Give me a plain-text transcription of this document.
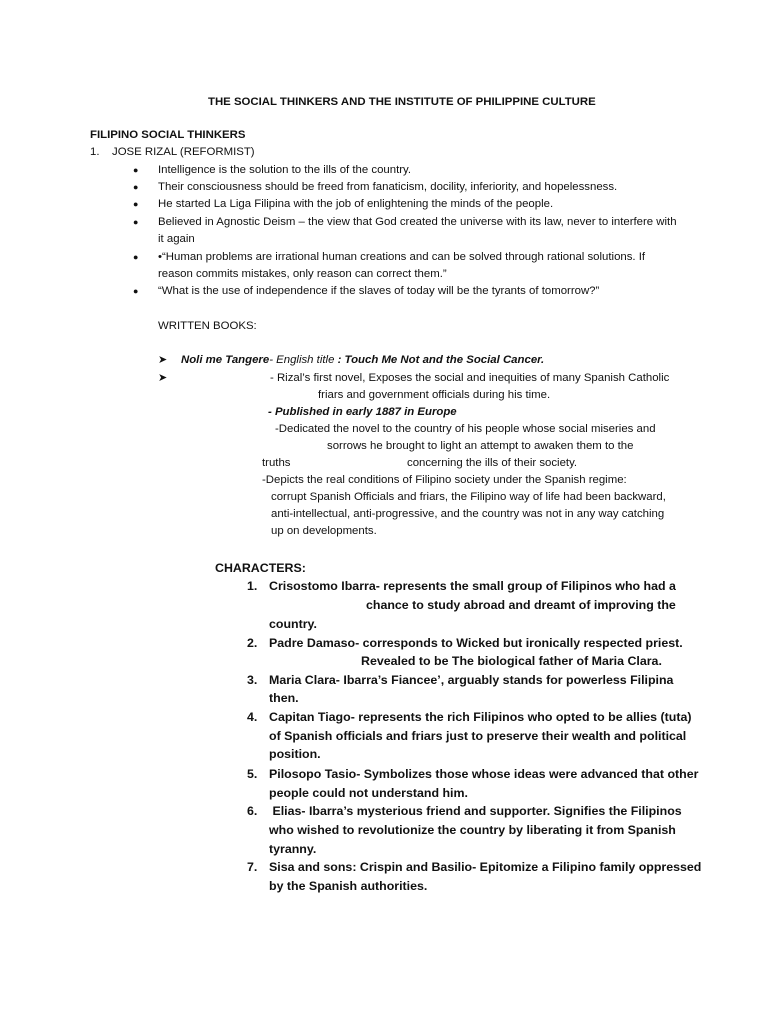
THE SOCIAL THINKERS AND THE INSTITUTE OF PHILIPPINE CULTURE
FILIPINO SOCIAL THINKERS
1. JOSE RIZAL (REFORMIST)
● Intelligence is the solution to the ills of the country.
● Their consciousness should be freed from fanaticism, docility, inferiority, and hopelessness.
● He started La Liga Filipina with the job of enlightening the minds of the people.
● Believed in Agnostic Deism – the view that God created the universe with its law, never to interfere with it again
● •“Human problems are irrational human creations and can be solved through rational solutions. If reason commits mistakes, only reason can correct them.”
● “What is the use of independence if the slaves of today will be the tyrants of tomorrow?”
WRITTEN BOOKS:
➤ Noli me Tangere- English title : Touch Me Not and the Social Cancer.
➤	- Rizal’s first novel, Exposes the social and inequities of many Spanish Catholic
friars and government officials during his time.
- Published in early 1887 in Europe
-Dedicated the novel to the country of his people whose social miseries and
sorrows he brought to light an attempt to awaken them to the
truths	concerning the ills of their society.
-Depicts the real conditions of Filipino society under the Spanish regime:
corrupt Spanish Officials and friars, the Filipino way of life had been backward,
anti-intellectual, anti-progressive, and the country was not in any way catching
up on developments.
CHARACTERS:
1. Crisostomo Ibarra- represents the small group of Filipinos who had a
chance to study abroad and dreamt of improving the
country.
2. Padre Damaso- corresponds to Wicked but ironically respected priest.
Revealed to be The biological father of Maria Clara.
3. Maria Clara- Ibarra’s Fiancee’, arguably stands for powerless Filipina
then.
4. Capitan Tiago- represents the rich Filipinos who opted to be allies (tuta)
of Spanish officials and friars just to preserve their wealth and political
position.
5. Pilosopo Tasio- Symbolizes those whose ideas were advanced that other
people could not understand him.
6. Elias- Ibarra’s mysterious friend and supporter. Signifies the Filipinos
who wished to revolutionize the country by liberating it from Spanish
tyranny.
7. Sisa and sons: Crispin and Basilio- Epitomize a Filipino family oppressed
by the Spanish authorities.
